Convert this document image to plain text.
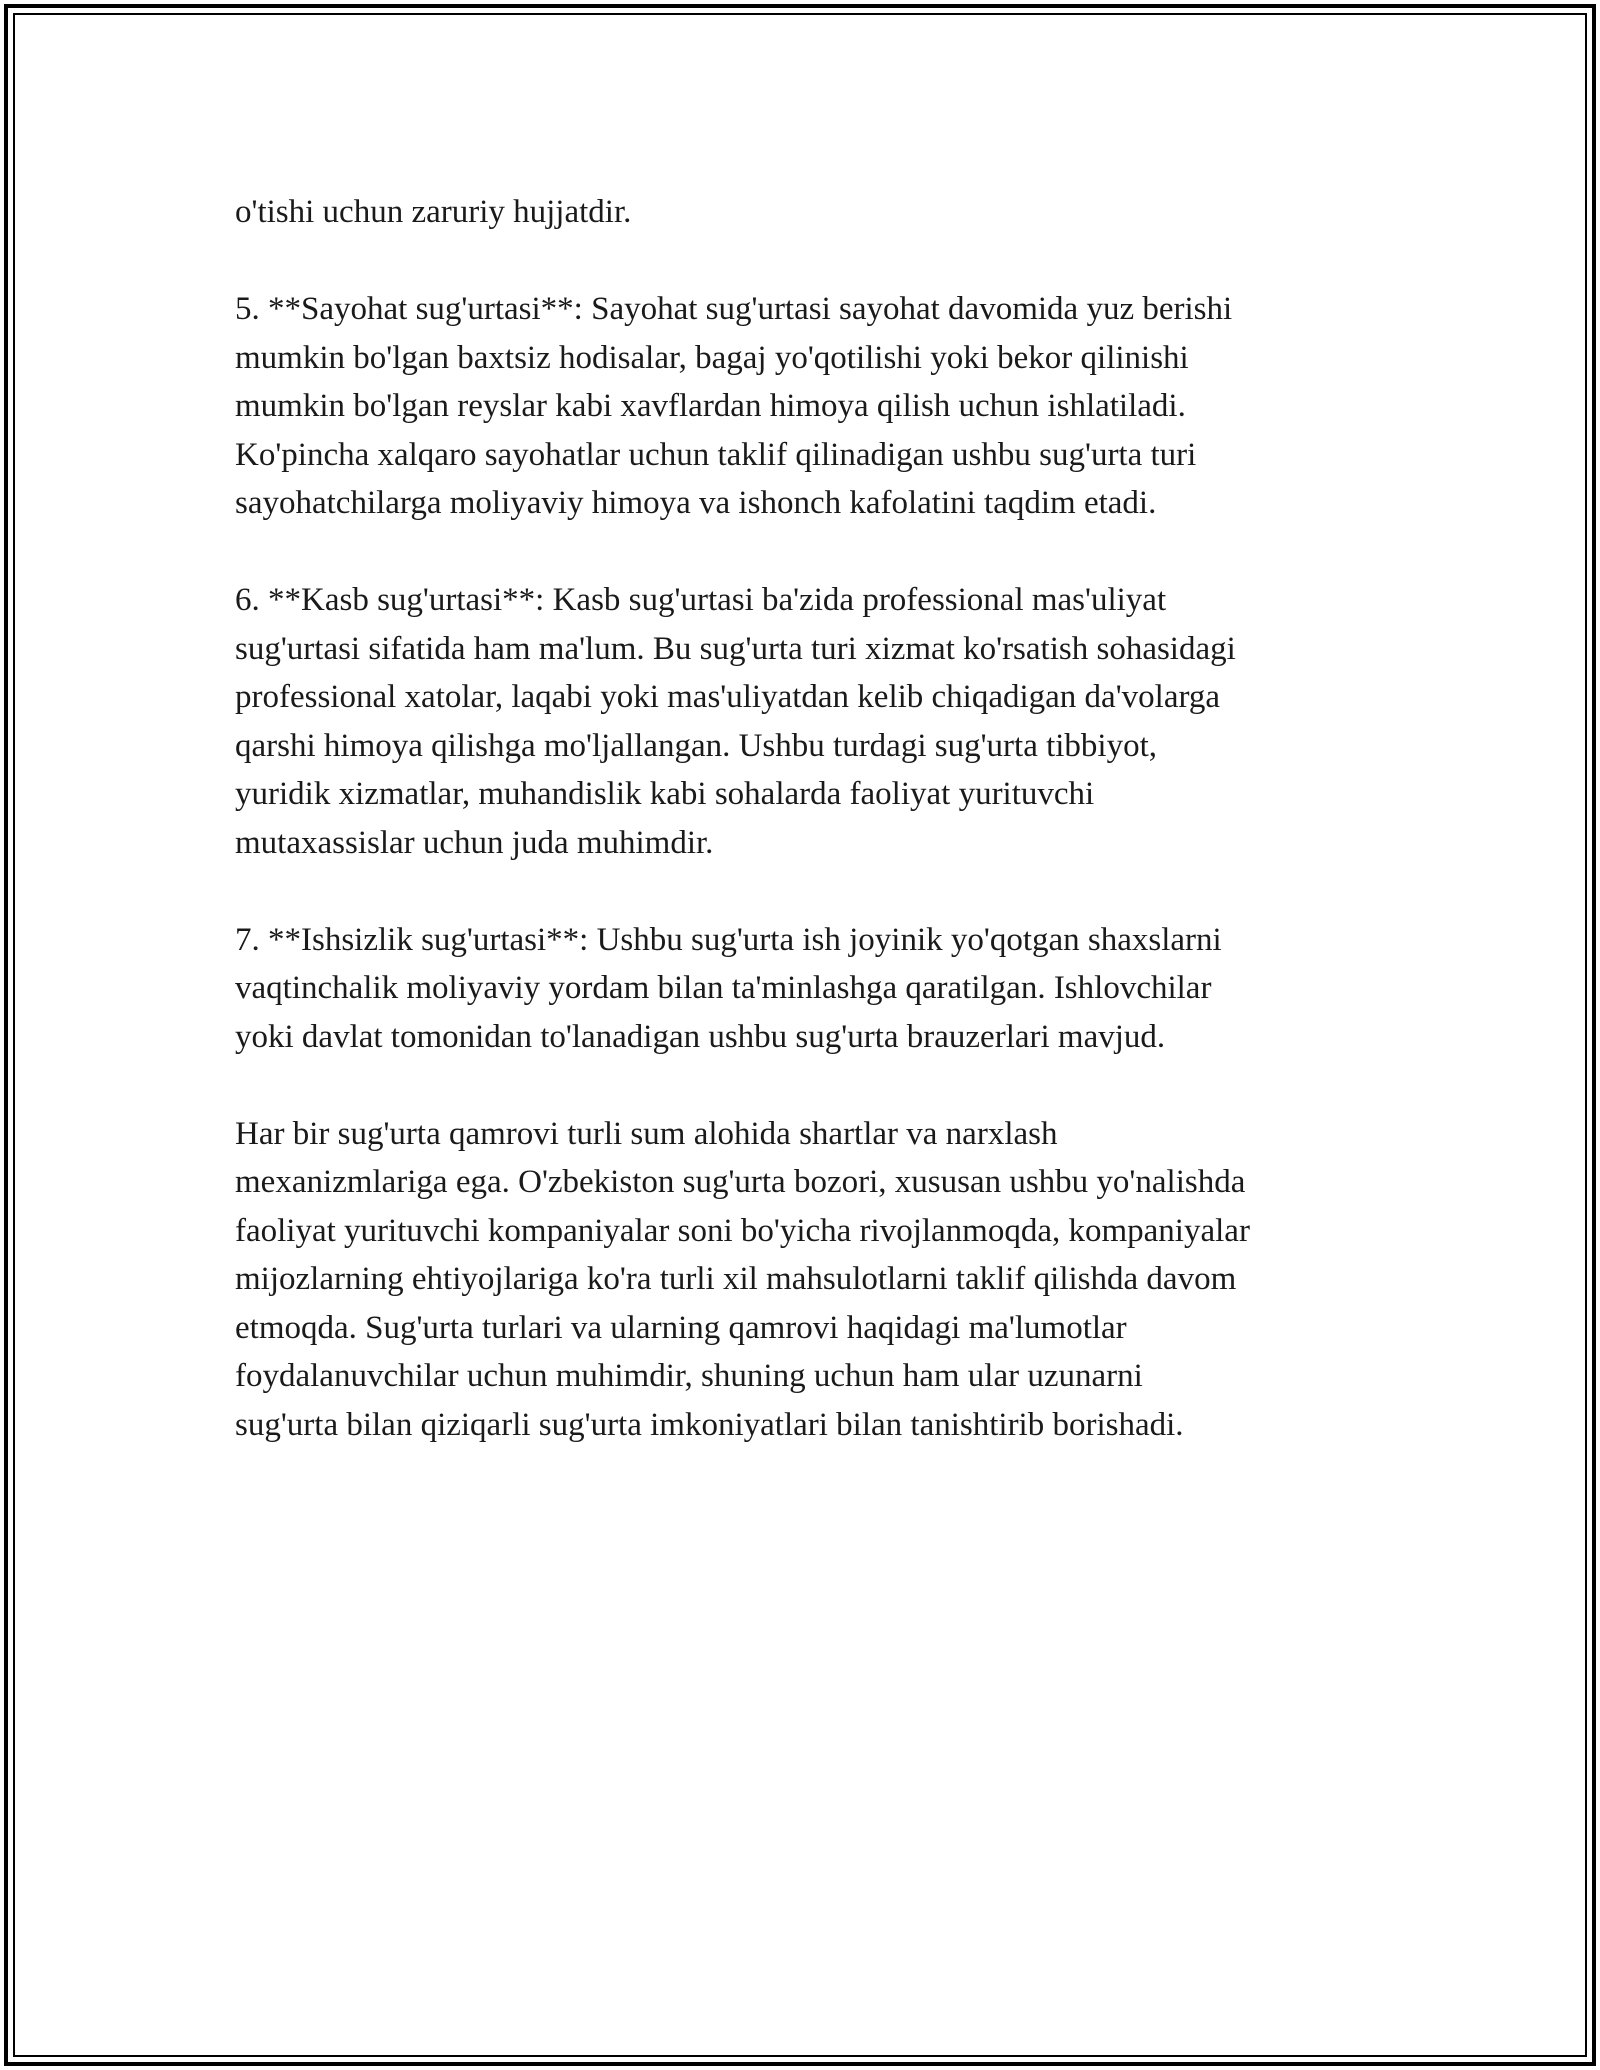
o'tishi uchun zaruriy hujjatdir.

5. **Sayohat sug'urtasi**: Sayohat sug'urtasi sayohat davomida yuz berishi
mumkin bo'lgan baxtsiz hodisalar, bagaj yo'qotilishi yoki bekor qilinishi
mumkin bo'lgan reyslar kabi xavflardan himoya qilish uchun ishlatiladi.
Ko'pincha xalqaro sayohatlar uchun taklif qilinadigan ushbu sug'urta turi
sayohatchilarga moliyaviy himoya va ishonch kafolatini taqdim etadi.

6. **Kasb sug'urtasi**: Kasb sug'urtasi ba'zida professional mas'uliyat
sug'urtasi sifatida ham ma'lum. Bu sug'urta turi xizmat ko'rsatish sohasidagi
professional xatolar, laqabi yoki mas'uliyatdan kelib chiqadigan da'volarga
qarshi himoya qilishga mo'ljallangan. Ushbu turdagi sug'urta tibbiyot,
yuridik xizmatlar, muhandislik kabi sohalarda faoliyat yurituvchi
mutaxassislar uchun juda muhimdir.

7. **Ishsizlik sug'urtasi**: Ushbu sug'urta ish joyinik yo'qotgan shaxslarni
vaqtinchalik moliyaviy yordam bilan ta'minlashga qaratilgan. Ishlovchilar
yoki davlat tomonidan to'lanadigan ushbu sug'urta brauzerlari mavjud.

Har bir sug'urta qamrovi turli sum alohida shartlar va narxlash
mexanizmlariga ega. O'zbekiston sug'urta bozori, xususan ushbu yo'nalishda
faoliyat yurituvchi kompaniyalar soni bo'yicha rivojlanmoqda, kompaniyalar
mijozlarning ehtiyojlariga ko'ra turli xil mahsulotlarni taklif qilishda davom
etmoqda. Sug'urta turlari va ularning qamrovi haqidagi ma'lumotlar
foydalanuvchilar uchun muhimdir, shuning uchun ham ular uzunarni
sug'urta bilan qiziqarli sug'urta imkoniyatlari bilan tanishtirib borishadi.
